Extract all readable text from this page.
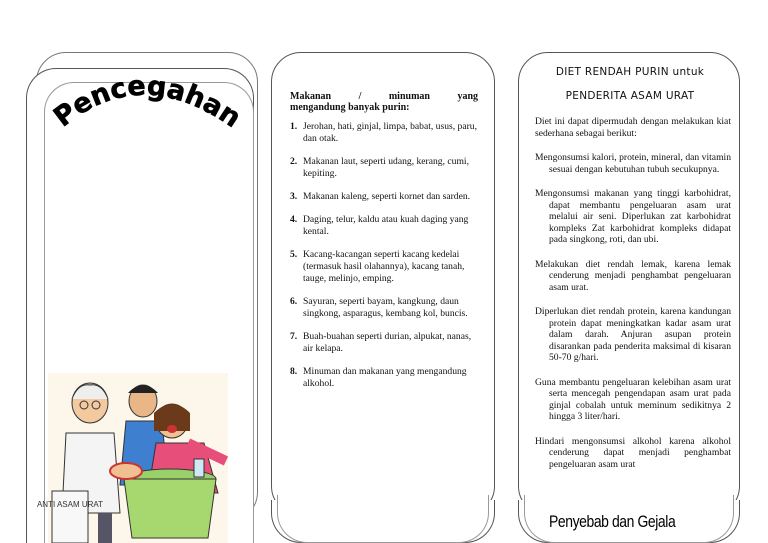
Pencegahan
ANTI ASAM URAT
Makanan	/	minuman	yang
mengandung banyak purin:
1. Jerohan, hati, ginjal, limpa, babat, usus, paru, dan otak.
2. Makanan laut, seperti udang, kerang, cumi, kepiting.
3. Makanan kaleng, seperti kornet dan sarden.
4. Daging, telur, kaldu atau kuah daging yang kental.
5. Kacang-kacangan seperti kacang kedelai (termasuk hasil olahannya), kacang tanah, tauge, melinjo, emping.
6. Sayuran, seperti bayam, kangkung, daun singkong, asparagus, kembang kol, buncis.
7. Buah-buahan seperti durian, alpukat, nanas, air kelapa.
8. Minuman dan makanan yang mengandung alkohol.
DIET RENDAH PURIN untuk
PENDERITA ASAM URAT

Diet ini dapat dipermudah dengan melakukan kiat sederhana sebagai berikut:

Mengonsumsi kalori, protein, mineral, dan vitamin sesuai dengan kebutuhan tubuh secukupnya.

Mengonsumsi makanan yang tinggi karbohidrat, dapat membantu pengeluaran asam urat melalui air seni. Diperlukan zat karbohidrat kompleks Zat karbohidrat kompleks didapat pada singkong, roti, dan ubi.

Melakukan diet rendah lemak, karena lemak cenderung menjadi penghambat pengeluaran asam urat.

Diperlukan diet rendah protein, karena kandungan protein dapat meningkatkan kadar asam urat dalam darah. Anjuran asupan protein disarankan pada penderita maksimal di kisaran 50-70 g/hari.

Guna membantu pengeluaran kelebihan asam urat serta mencegah pengendapan asam urat pada ginjal cobalah untuk meminum sedikitnya 2 hingga 3 liter/hari.

Hindari mengonsumsi alkohol karena alkohol cenderung dapat menjadi penghambat pengeluaran asam urat

Penyebab dan Gejala
